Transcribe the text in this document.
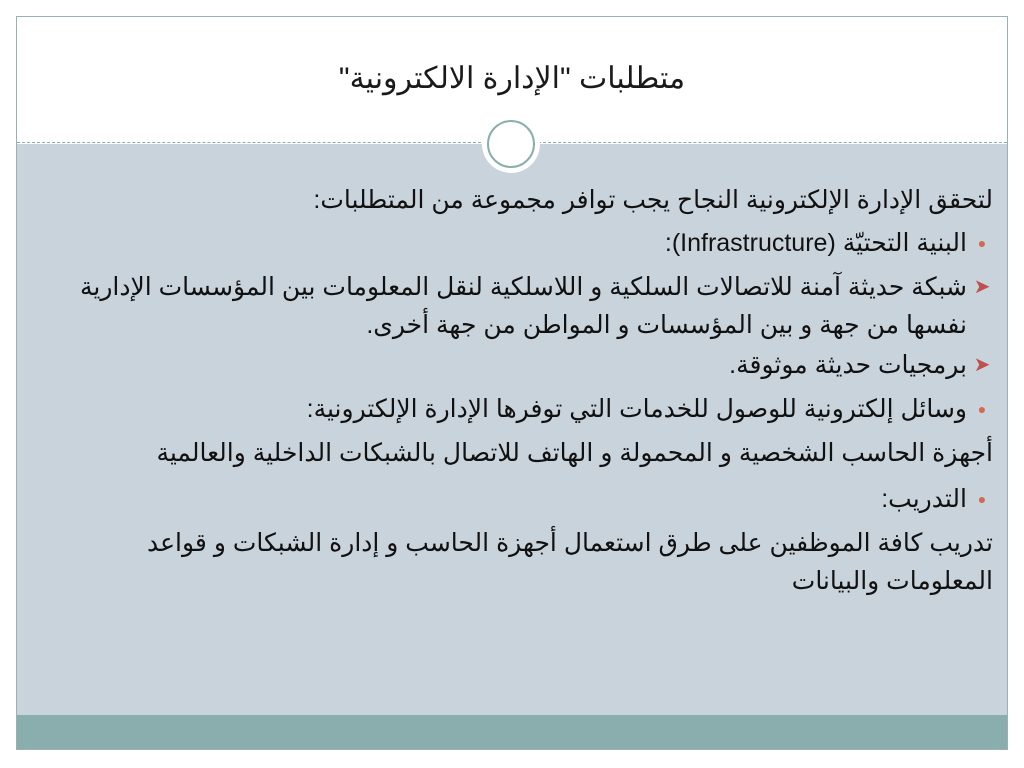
متطلبات "الإدارة الالكترونية"

لتحقق الإدارة الإلكترونية النجاح يجب توافر مجموعة من المتطلبات:

●
البنية التحتيّة (Infrastructure):
➤
شبكة حديثة آمنة للاتصالات السلكية و اللاسلكية لنقل المعلومات بين المؤسسات الإدارية نفسها من جهة و بين المؤسسات و المواطن من جهة أخرى.
➤
برمجيات حديثة موثوقة.
●
وسائل إلكترونية للوصول للخدمات التي توفرها الإدارة الإلكترونية:

أجهزة الحاسب الشخصية و المحمولة و الهاتف للاتصال بالشبكات الداخلية والعالمية

●
التدريب:

تدريب كافة الموظفين على طرق استعمال أجهزة الحاسب و إدارة الشبكات و قواعد المعلومات والبيانات
